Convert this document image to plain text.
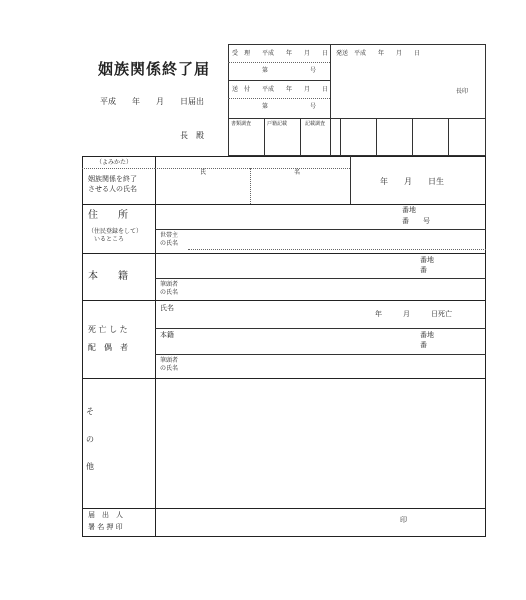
姻族関係終了届
平成　　年　　月　　日届出
長　殿
受　理 平成　　年　　月　　日
第　　　　　　　号
送　付 平成　　年　　月　　日
第　　　　　　　号
発送　平成　　年　　月　　日
長印
書類調査	戸籍記載	記載調査
（よみかた）
姻族関係を終了
させる人の氏名
氏	名
年　　月　　日生
住　　所
（住民登録をして）
いるところ
番地
番　　号
世帯主
の氏名
本　　籍
番地
番
筆頭者
の氏名
死 亡 し た
配　偶　者
氏名
年　　　月　　　日死亡
本籍	番地
番
筆頭者
の氏名
そ
の
他
届　出　人
署 名 押 印
印
